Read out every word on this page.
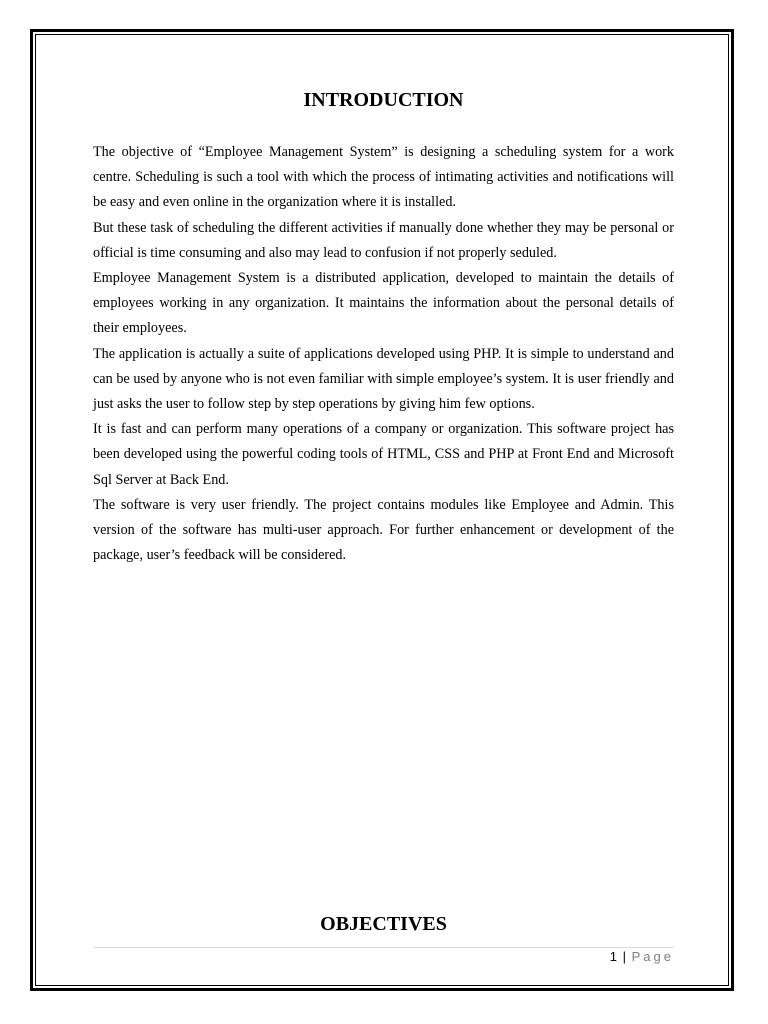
INTRODUCTION

The objective of “Employee Management System” is designing a scheduling system for a work centre. Scheduling is such a tool with which the process of intimating activities and notifications will be easy and even online in the organization where it is installed.

But these task of scheduling the different activities if manually done whether they may be personal or official is time consuming and also may lead to confusion if not properly seduled.

Employee Management System is a distributed application, developed to maintain the details of employees working in any organization. It maintains the information about the personal details of their employees.

The application is actually a suite of applications developed using PHP. It is simple to understand and can be used by anyone who is not even familiar with simple employee’s system. It is user friendly and just asks the user to follow step by step operations by giving him few options.

It is fast and can perform many operations of a company or organization. This software project has been developed using the powerful coding tools of HTML, CSS and PHP at Front End and Microsoft Sql Server at Back End.

The software is very user friendly. The project contains modules like Employee and Admin. This version of the software has multi-user approach. For further enhancement or development of the package, user’s feedback will be considered.

OBJECTIVES
1 | Page
